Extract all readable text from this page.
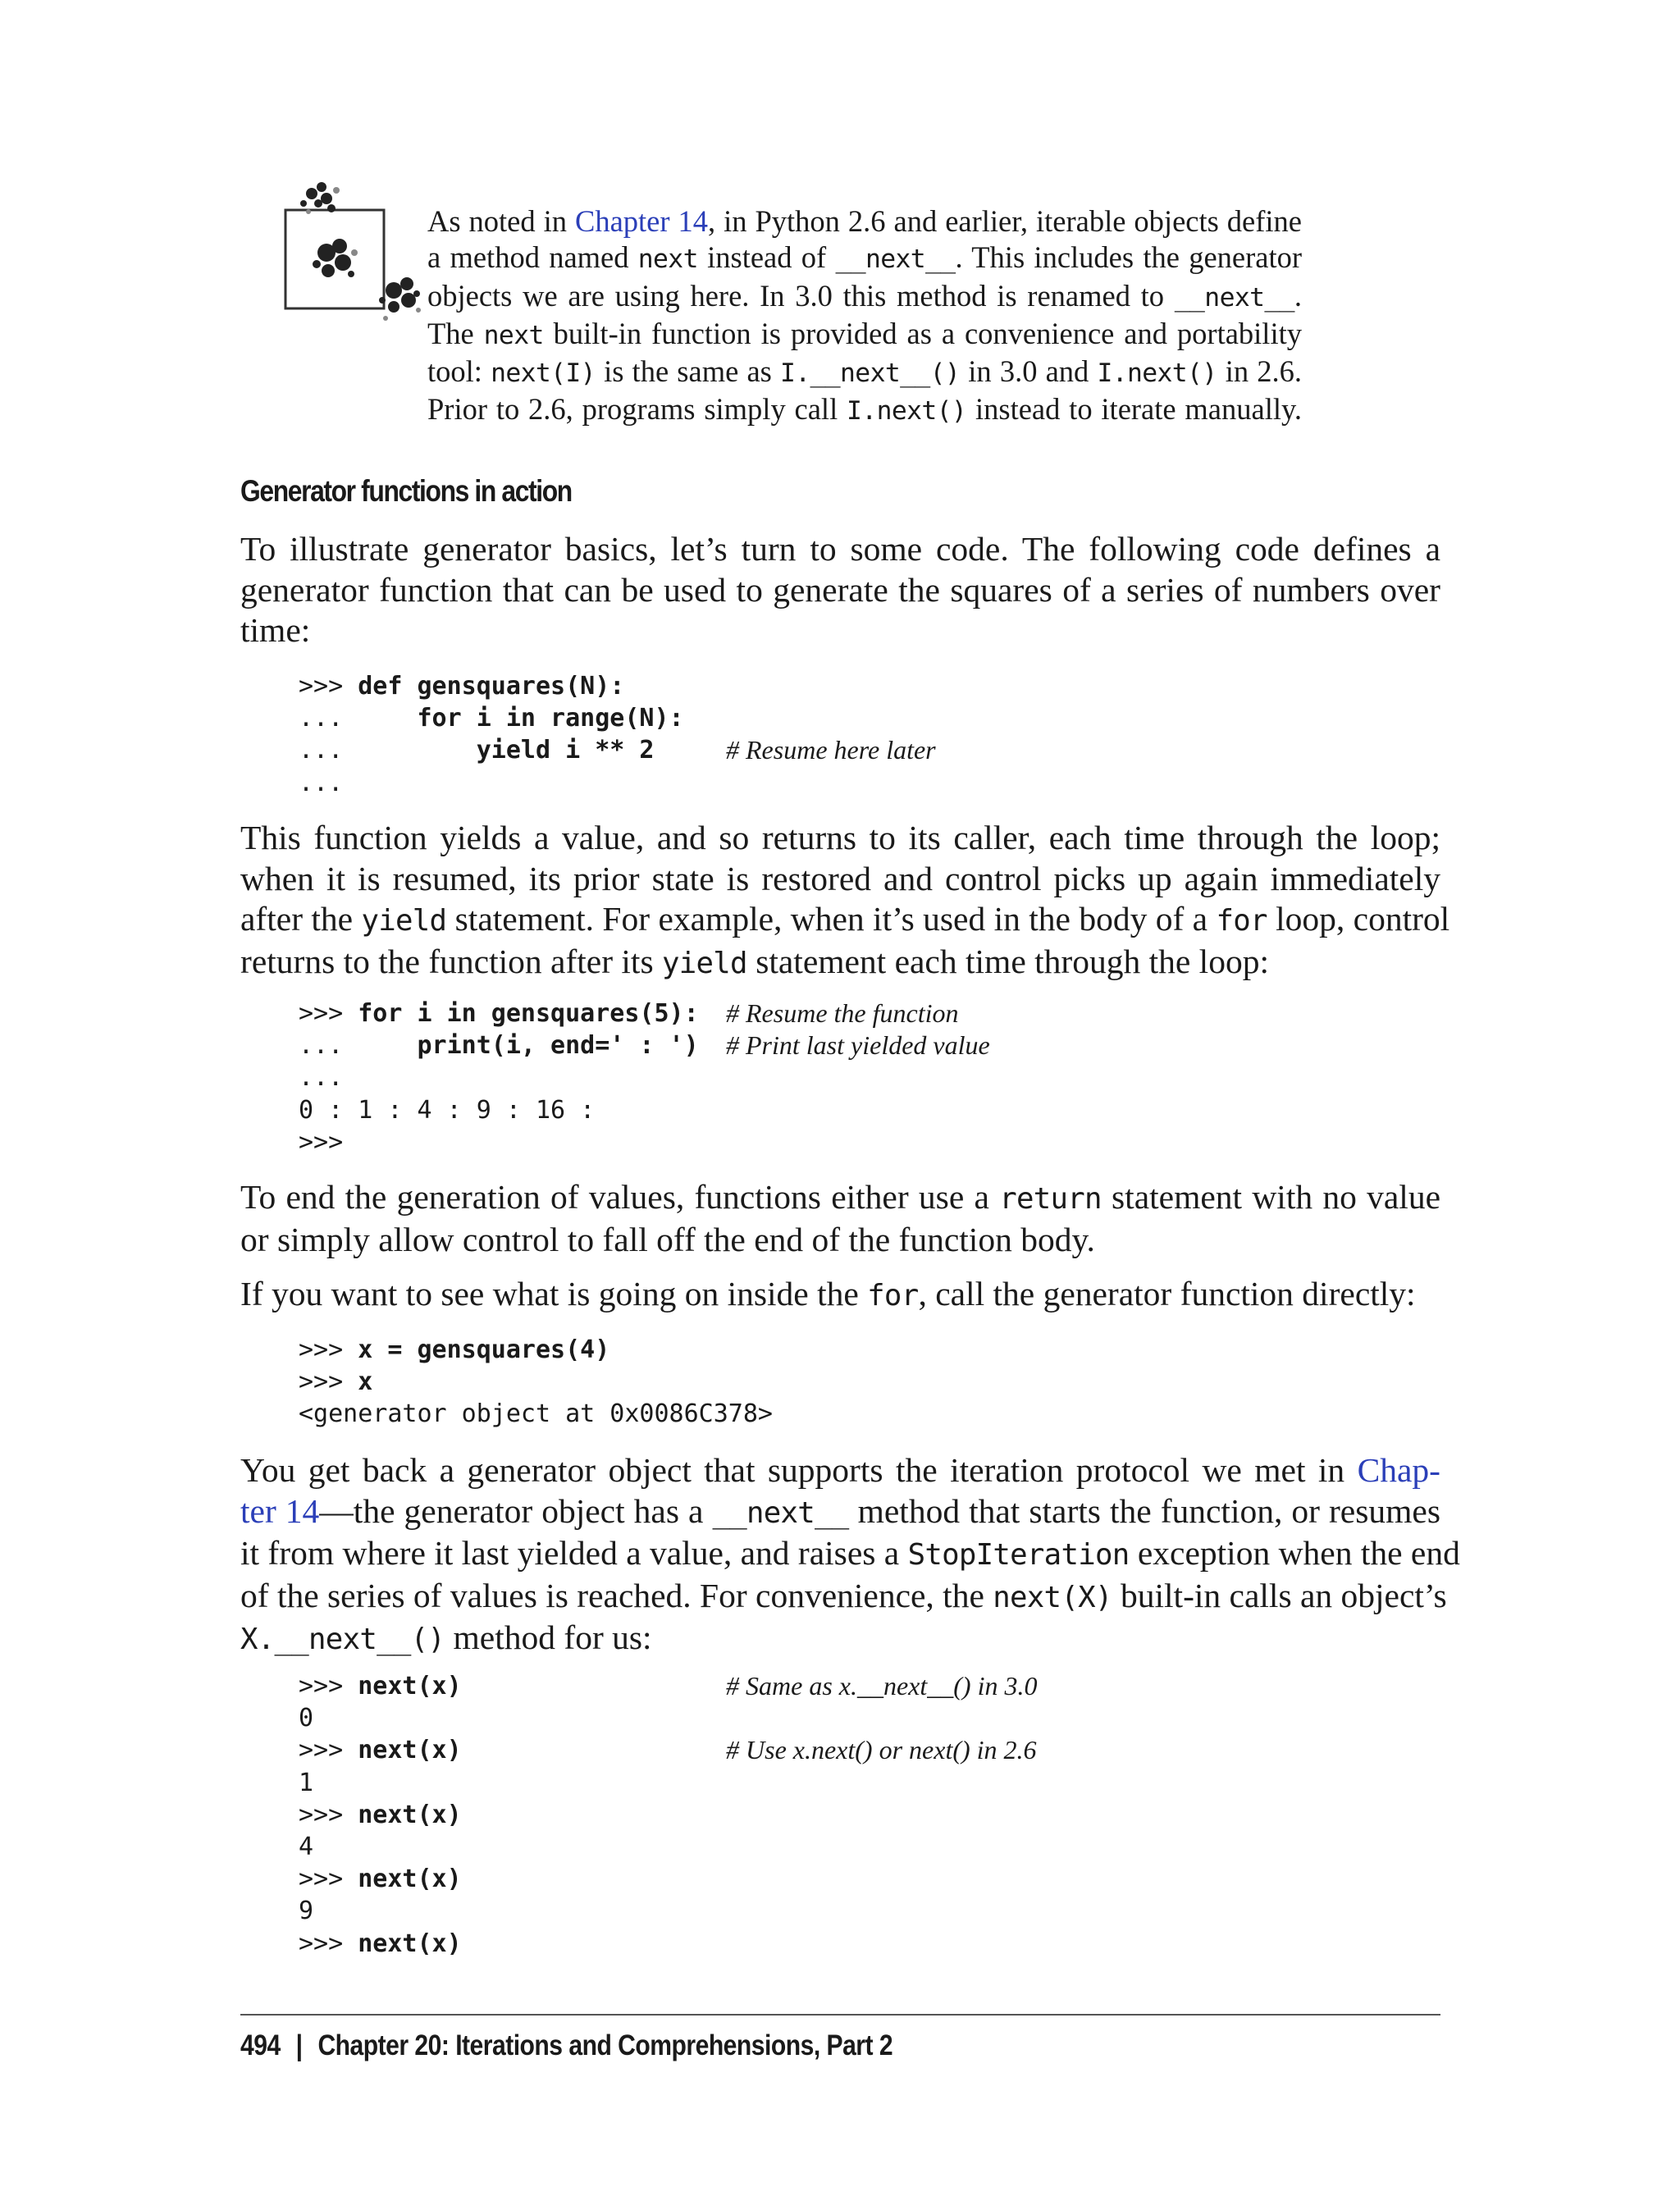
As noted in Chapter 14, in Python 2.6 and earlier, iterable objects define
a method named next instead of __next__. This includes the generator
objects we are using here. In 3.0 this method is renamed to __next__.
The next built-in function is provided as a convenience and portability
tool: next(I) is the same as I.__next__() in 3.0 and I.next() in 2.6.
Prior to 2.6, programs simply call I.next() instead to iterate manually.
Generator functions in action
To illustrate generator basics, let’s turn to some code. The following code defines a
generator function that can be used to generate the squares of a series of numbers over
time:
>>> def gensquares(N):
...     for i in range(N):
...         yield i ** 2	# Resume here later
...
This function yields a value, and so returns to its caller, each time through the loop;
when it is resumed, its prior state is restored and control picks up again immediately
after the yield statement. For example, when it’s used in the body of a for loop, control
returns to the function after its yield statement each time through the loop:
>>> for i in gensquares(5): # Resume the function
...     print(i, end=' : ') # Print last yielded value
...
0 : 1 : 4 : 9 : 16 :
>>>
To end the generation of values, functions either use a return statement with no value
or simply allow control to fall off the end of the function body.
If you want to see what is going on inside the for, call the generator function directly:
>>> x = gensquares(4)
>>> x
<generator object at 0x0086C378>
You get back a generator object that supports the iteration protocol we met in Chap-
ter 14—the generator object has a __next__ method that starts the function, or resumes
it from where it last yielded a value, and raises a StopIteration exception when the end
of the series of values is reached. For convenience, the next(X) built-in calls an object’s
X.__next__() method for us:
>>> next(x)	# Same as x.__next__() in 3.0
0
>>> next(x)	# Use x.next() or next() in 2.6
1
>>> next(x)
4
>>> next(x)
9
>>> next(x)
494 | Chapter 20: Iterations and Comprehensions, Part 2
